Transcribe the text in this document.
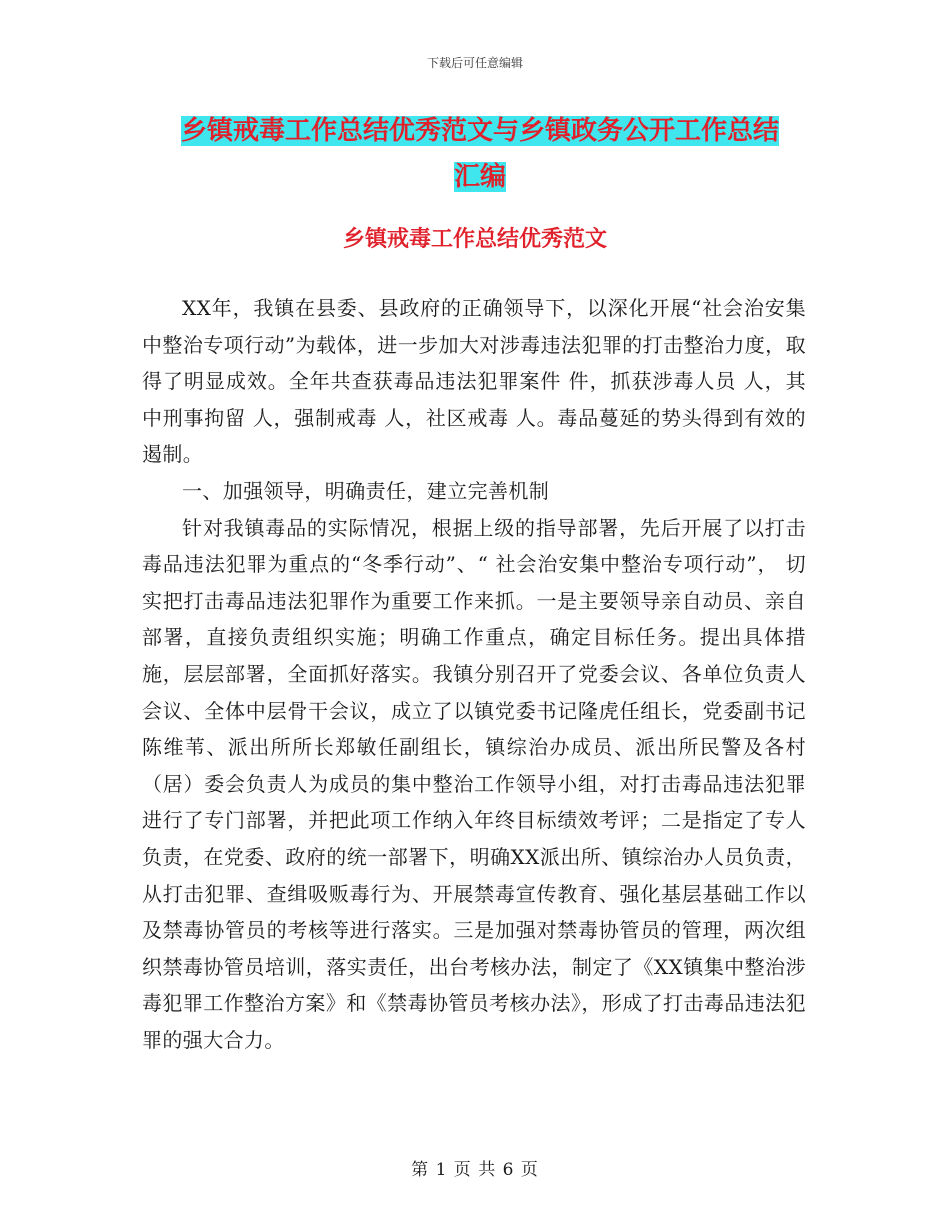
下载后可任意编辑
乡镇戒毒工作总结优秀范文与乡镇政务公开工作总结
汇编
乡镇戒毒工作总结优秀范文

XX年，我镇在县委、县政府的正确领导下，以深化开展“社会治安集中整治专项行动”为载体，进一步加大对涉毒违法犯罪的打击整治力度，取得了明显成效。全年共查获毒品违法犯罪案件 件，抓获涉毒人员 人，其中刑事拘留 人，强制戒毒 人，社区戒毒 人。毒品蔓延的势头得到有效的遏制。

一、加强领导，明确责任，建立完善机制

针对我镇毒品的实际情况，根据上级的指导部署，先后开展了以打击毒品违法犯罪为重点的“冬季行动”、“ 社会治安集中整治专项行动”， 切实把打击毒品违法犯罪作为重要工作来抓。一是主要领导亲自动员、亲自部署，直接负责组织实施；明确工作重点，确定目标任务。提出具体措施，层层部署，全面抓好落实。我镇分别召开了党委会议、各单位负责人会议、全体中层骨干会议，成立了以镇党委书记隆虎任组长，党委副书记陈维苇、派出所所长郑敏任副组长，镇综治办成员、派出所民警及各村（居）委会负责人为成员的集中整治工作领导小组，对打击毒品违法犯罪进行了专门部署，并把此项工作纳入年终目标绩效考评；二是指定了专人负责，在党委、政府的统一部署下，明确XX派出所、镇综治办人员负责，从打击犯罪、查缉吸贩毒行为、开展禁毒宣传教育、强化基层基础工作以及禁毒协管员的考核等进行落实。三是加强对禁毒协管员的管理，两次组织禁毒协管员培训，落实责任，出台考核办法，制定了《XX镇集中整治涉毒犯罪工作整治方案》和《禁毒协管员考核办法》，形成了打击毒品违法犯罪的强大合力。

第 1 页 共 6 页
